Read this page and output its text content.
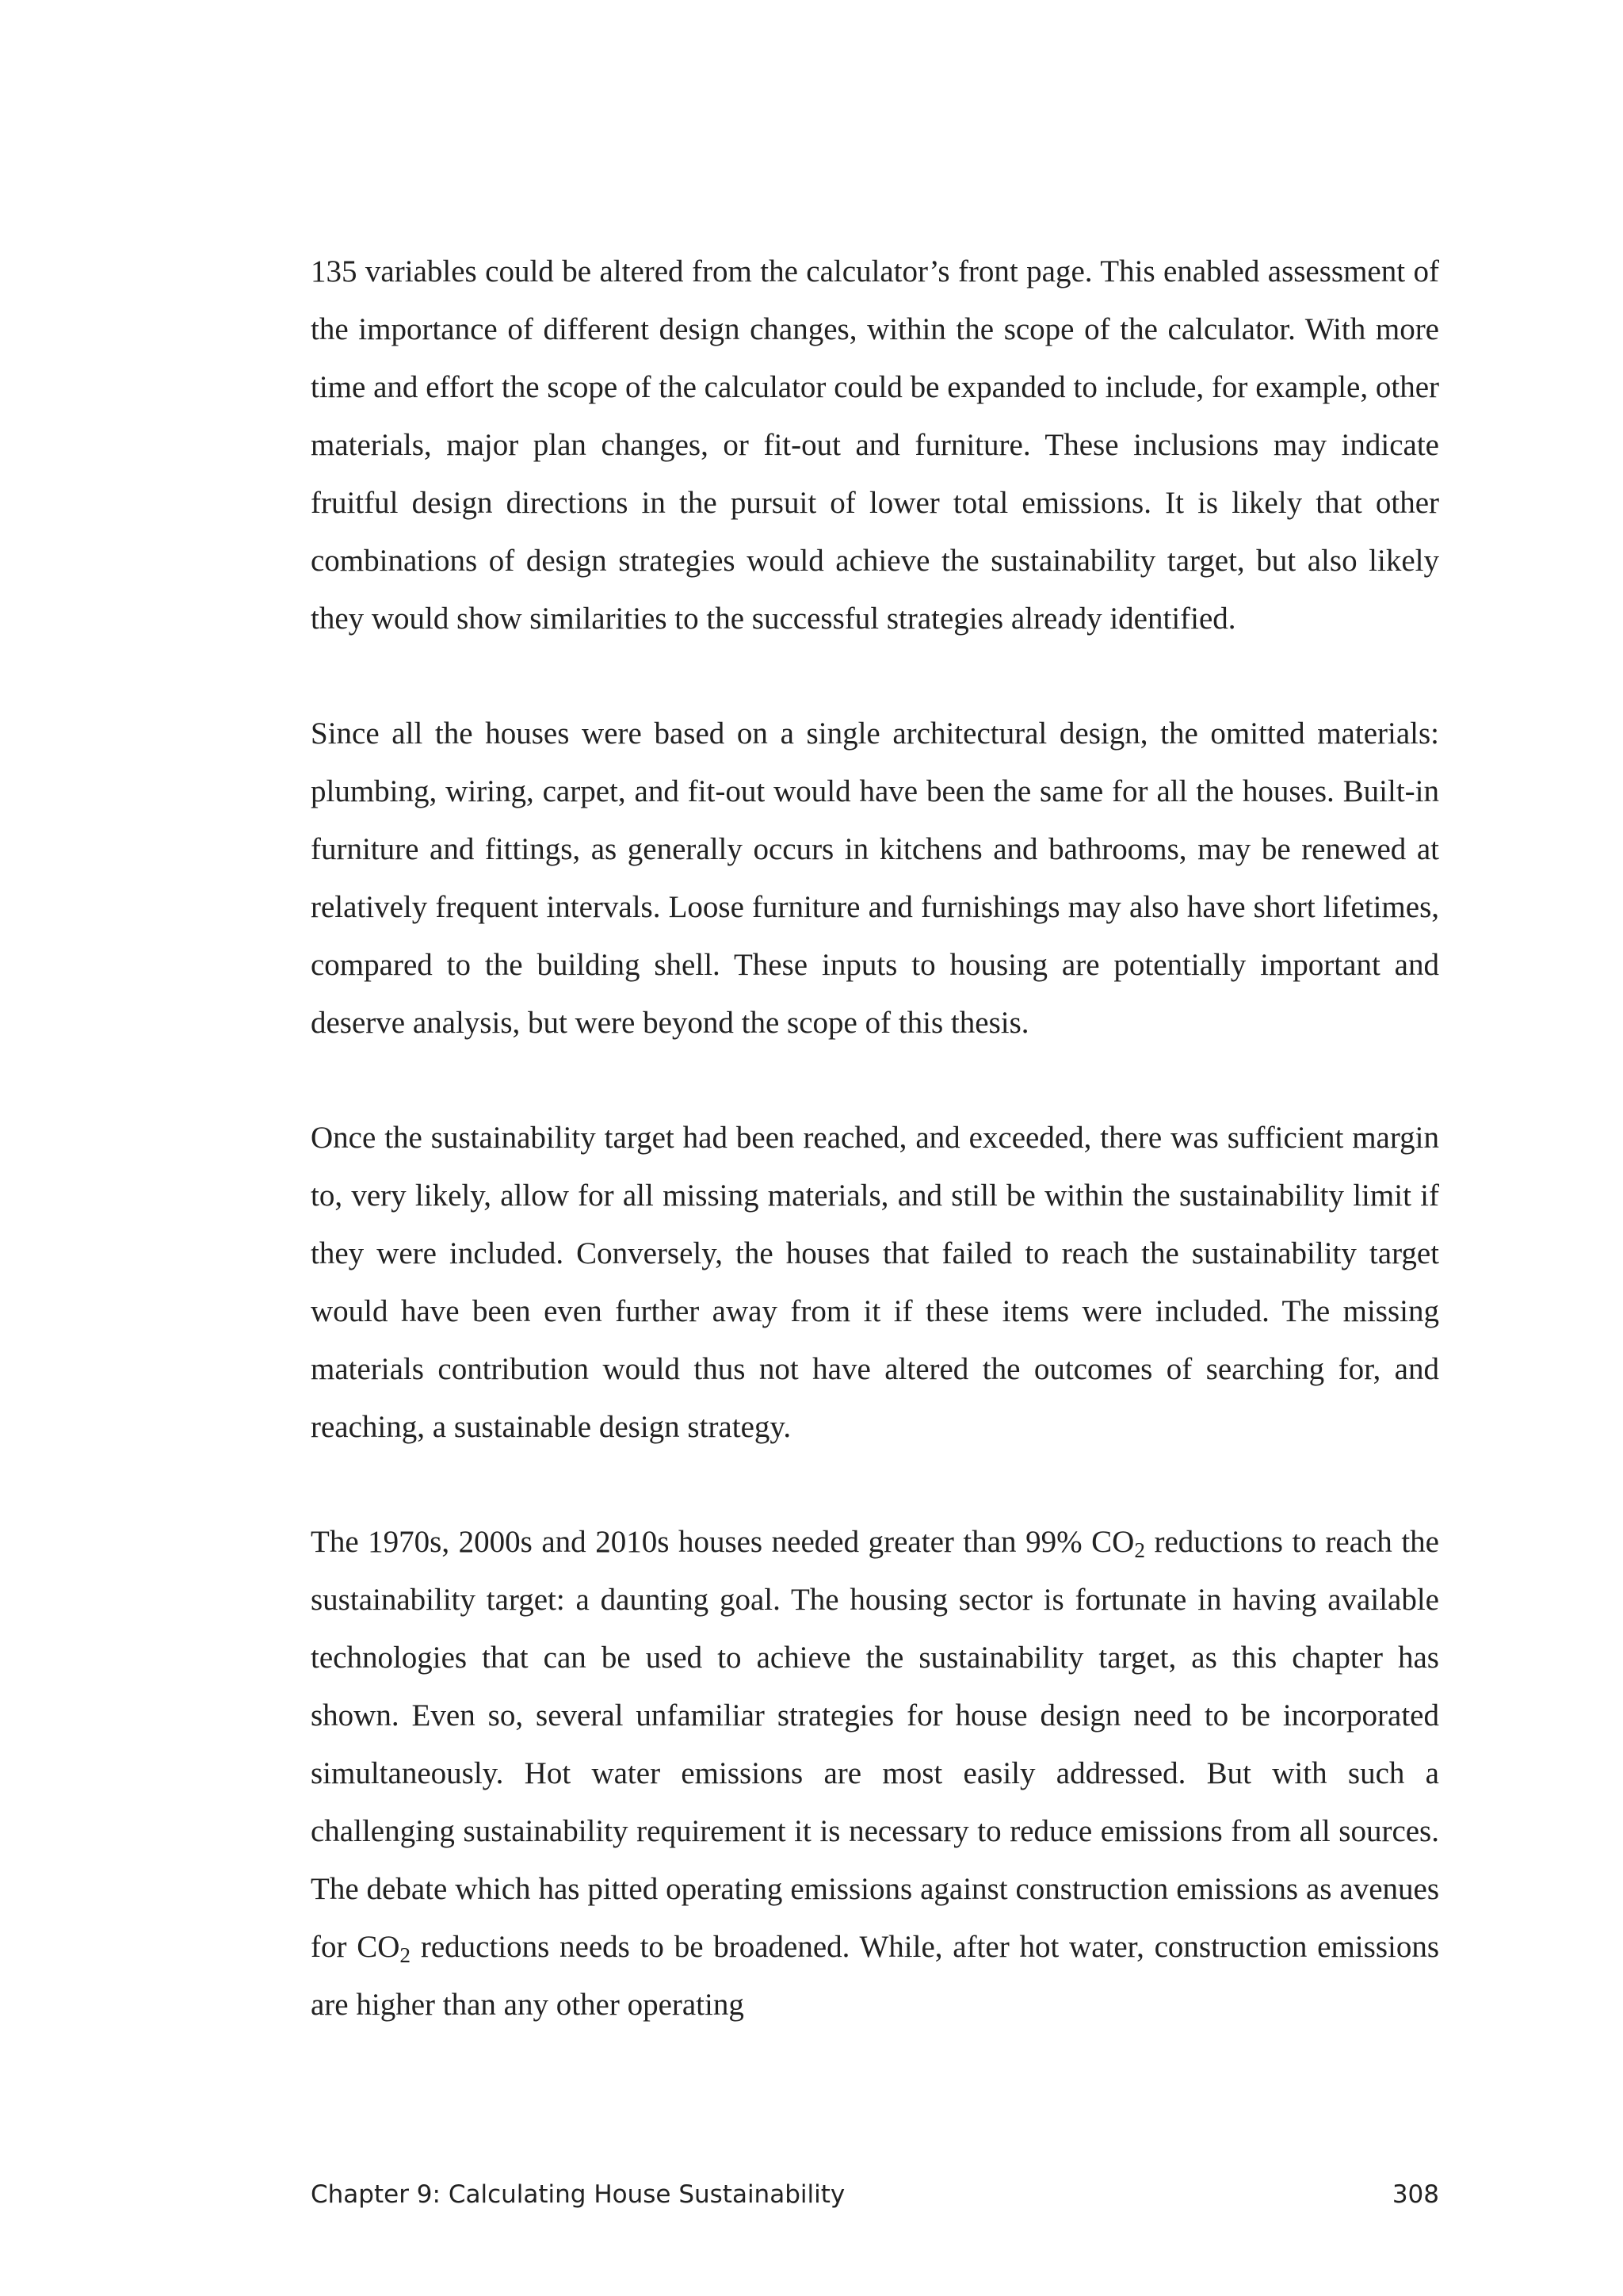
135 variables could be altered from the calculator’s front page. This enabled assessment of the importance of different design changes, within the scope of the calculator. With more time and effort the scope of the calculator could be expanded to include, for example, other materials, major plan changes, or fit-out and furniture. These inclusions may indicate fruitful design directions in the pursuit of lower total emissions. It is likely that other combinations of design strategies would achieve the sustainability target, but also likely they would show similarities to the successful strategies already identified.

Since all the houses were based on a single architectural design, the omitted materials: plumbing, wiring, carpet, and fit-out would have been the same for all the houses. Built-in furniture and fittings, as generally occurs in kitchens and bathrooms, may be renewed at relatively frequent intervals. Loose furniture and furnishings may also have short lifetimes, compared to the building shell. These inputs to housing are potentially important and deserve analysis, but were beyond the scope of this thesis.

Once the sustainability target had been reached, and exceeded, there was sufficient margin to, very likely, allow for all missing materials, and still be within the sustainability limit if they were included. Conversely, the houses that failed to reach the sustainability target would have been even further away from it if these items were included. The missing materials contribution would thus not have altered the outcomes of searching for, and reaching, a sustainable design strategy.

The 1970s, 2000s and 2010s houses needed greater than 99% CO2 reductions to reach the sustainability target: a daunting goal. The housing sector is fortunate in having available technologies that can be used to achieve the sustainability target, as this chapter has shown. Even so, several unfamiliar strategies for house design need to be incorporated simultaneously. Hot water emissions are most easily addressed. But with such a challenging sustainability requirement it is necessary to reduce emissions from all sources. The debate which has pitted operating emissions against construction emissions as avenues for CO2 reductions needs to be broadened. While, after hot water, construction emissions are higher than any other operating

Chapter 9: Calculating House Sustainability	308
